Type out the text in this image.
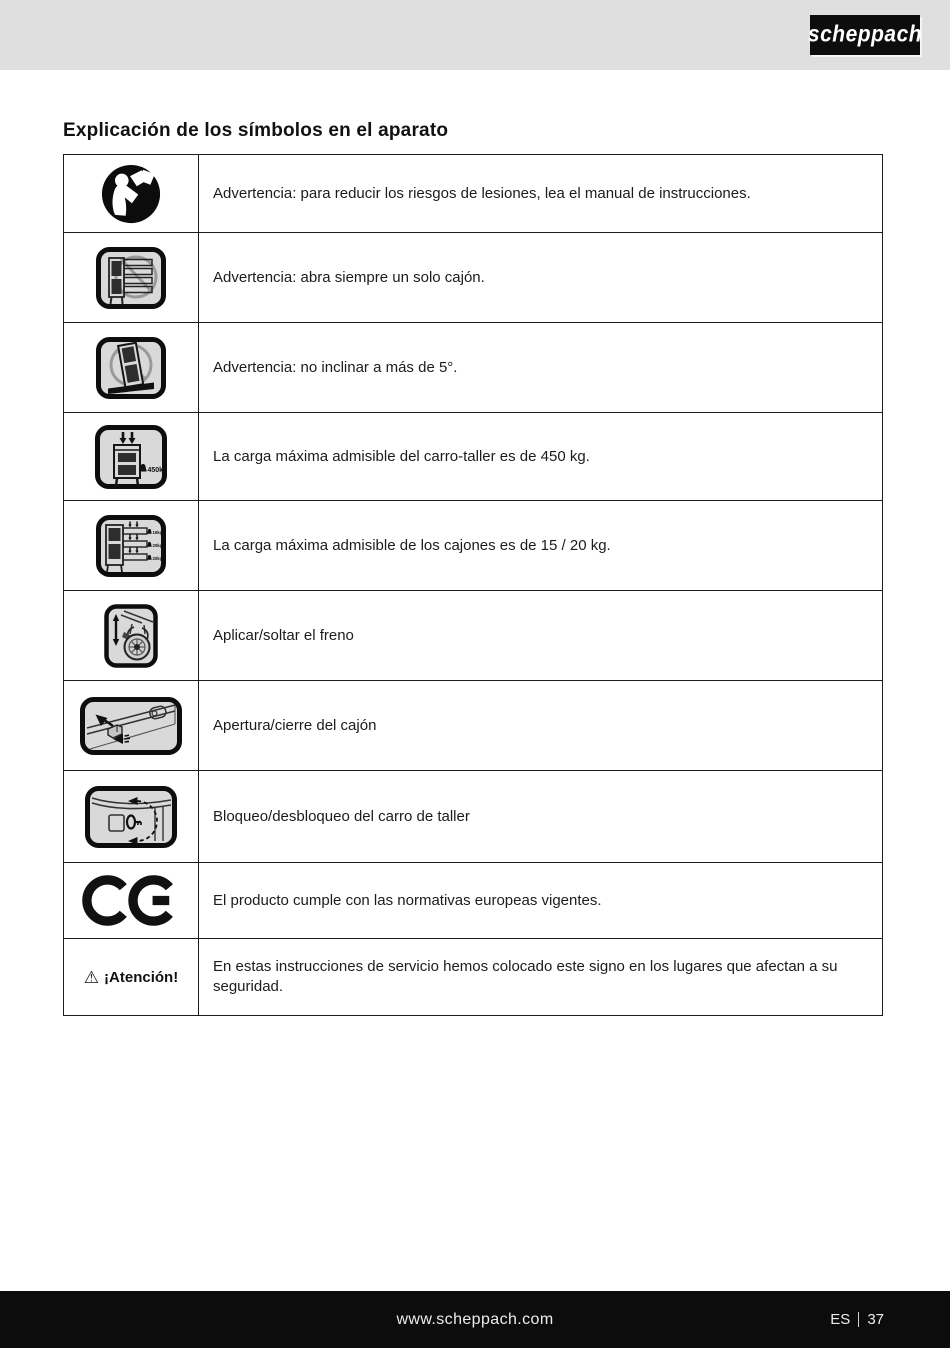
scheppach
Explicación de los símbolos en el aparato
Advertencia: para reducir los riesgos de lesiones, lea el manual de instrucciones.
Advertencia: abra siempre un solo cajón.
Advertencia: no inclinar a más de 5°.
450kg
La carga máxima admisible del carro-taller es de 450 kg.
15kg
20kg
20kg
La carga máxima admisible de los cajones es de 15 / 20 kg.
Aplicar/soltar el freno
Apertura/cierre del cajón
Bloqueo/desbloqueo del carro de taller
El producto cumple con las normativas europeas vigentes.
⚠ ¡Atención!
En estas instrucciones de servicio hemos colocado este signo en los lugares que afectan a su seguridad.
www.scheppach.com	ES 37
